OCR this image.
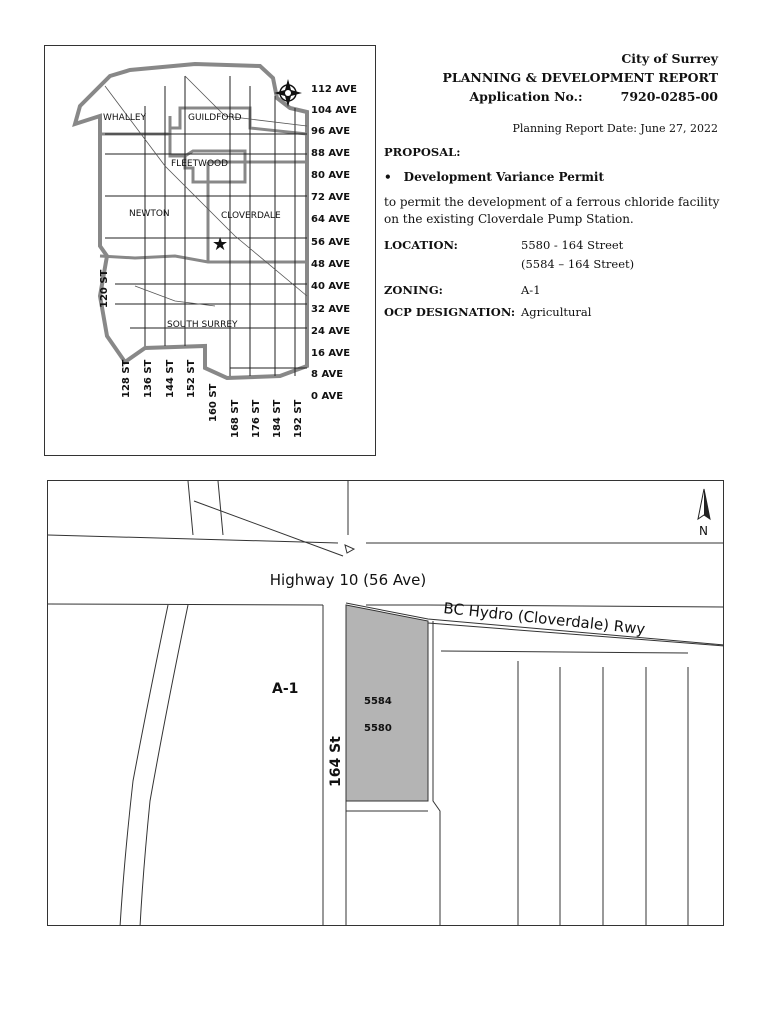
City of Surrey
PLANNING & DEVELOPMENT REPORT
Application No.:	7920-0285-00
Planning Report Date: June 27, 2022
PROPOSAL:
• Development Variance Permit
to permit the development of a ferrous chloride facility on the existing Cloverdale Pump Station.
LOCATION:	5580 - 164 Street
(5584 – 164 Street)
ZONING:	A-1
OCP DESIGNATION: Agricultural
★
WHALLEY	GUILDFORD
FLEETWOOD
NEWTON	CLOVERDALE
SOUTH SURREY
112 AVE
104 AVE
96 AVE
88 AVE
80 AVE
72 AVE
64 AVE
56 AVE
48 AVE
40 AVE
32 AVE
24 AVE
16 AVE
8 AVE
0 AVE
120 ST
128 ST 136 ST 144 ST 152 ST
160 ST 168 ST 176 ST 184 ST 192 ST
Highway 10 (56 Ave)
BC Hydro (Cloverdale) Rwy
A-1
164 St
5584
5580
N
